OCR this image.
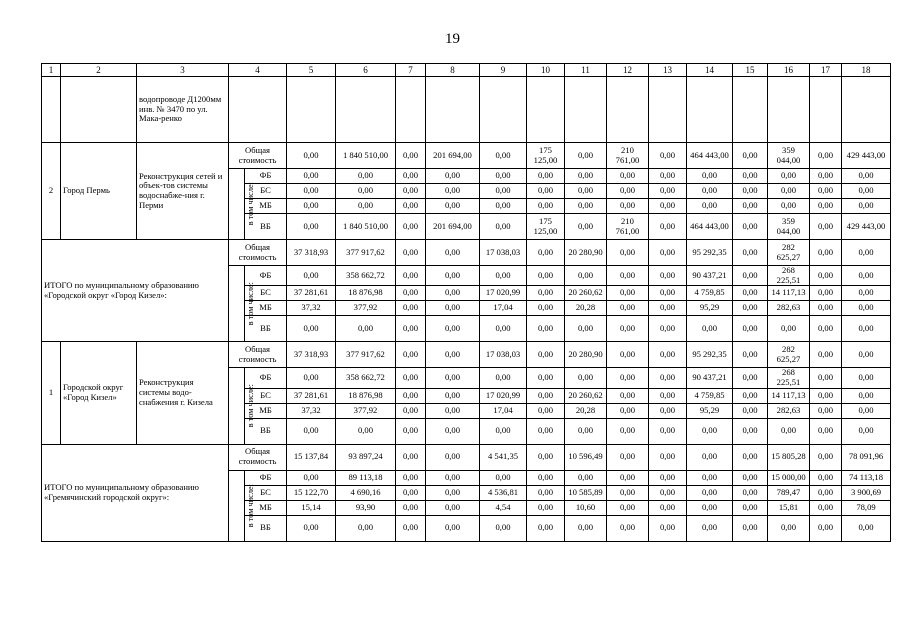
19
1	2	3	4		5	6	7	8	9	10	11	12	13	14	15	16	17	18
		водопроводе Д1200мм инв. № 3470 по ул. Мака-ренко																
2	Город Пермь	Реконструкция сетей и объек-тов системы водоснабже-ния г. Перми	Общая стоимость		0,00	1 840 510,00	0,00	201 694,00	0,00	175 125,00	0,00	210 761,00	0,00	464 443,00	0,00	359 044,00	0,00	429 443,00
			в том числе:	ФБ	0,00	0,00	0,00	0,00	0,00	0,00	0,00	0,00	0,00	0,00	0,00	0,00	0,00	0,00
				БС	0,00	0,00	0,00	0,00	0,00	0,00	0,00	0,00	0,00	0,00	0,00	0,00	0,00	0,00
				МБ	0,00	0,00	0,00	0,00	0,00	0,00	0,00	0,00	0,00	0,00	0,00	0,00	0,00	0,00
				ВБ	0,00	1 840 510,00	0,00	201 694,00	0,00	175 125,00	0,00	210 761,00	0,00	464 443,00	0,00	359 044,00	0,00	429 443,00
ИТОГО по муниципальному образованию «Городской округ «Город Кизел»:			Общая стоимость		37 318,93	377 917,62	0,00	0,00	17 038,03	0,00	20 280,90	0,00	0,00	95 292,35	0,00	282 625,27	0,00	0,00
			в том числе:	ФБ	0,00	358 662,72	0,00	0,00	0,00	0,00	0,00	0,00	0,00	90 437,21	0,00	268 225,51	0,00	0,00
				БС	37 281,61	18 876,98	0,00	0,00	17 020,99	0,00	20 260,62	0,00	0,00	4 759,85	0,00	14 117,13	0,00	0,00
				МБ	37,32	377,92	0,00	0,00	17,04	0,00	20,28	0,00	0,00	95,29	0,00	282,63	0,00	0,00
				ВБ	0,00	0,00	0,00	0,00	0,00	0,00	0,00	0,00	0,00	0,00	0,00	0,00	0,00	0,00
1	Городской округ «Город Кизел»	Реконструкция системы водо-снабжения г. Кизела	Общая стоимость		37 318,93	377 917,62	0,00	0,00	17 038,03	0,00	20 280,90	0,00	0,00	95 292,35	0,00	282 625,27	0,00	0,00
			в том числе:	ФБ	0,00	358 662,72	0,00	0,00	0,00	0,00	0,00	0,00	0,00	90 437,21	0,00	268 225,51	0,00	0,00
				БС	37 281,61	18 876,98	0,00	0,00	17 020,99	0,00	20 260,62	0,00	0,00	4 759,85	0,00	14 117,13	0,00	0,00
				МБ	37,32	377,92	0,00	0,00	17,04	0,00	20,28	0,00	0,00	95,29	0,00	282,63	0,00	0,00
				ВБ	0,00	0,00	0,00	0,00	0,00	0,00	0,00	0,00	0,00	0,00	0,00	0,00	0,00	0,00
ИТОГО по муниципальному образованию «Гремячинский городской округ»:			Общая стоимость		15 137,84	93 897,24	0,00	0,00	4 541,35	0,00	10 596,49	0,00	0,00	0,00	0,00	15 805,28	0,00	78 091,96
			в том числе:	ФБ	0,00	89 113,18	0,00	0,00	0,00	0,00	0,00	0,00	0,00	0,00	0,00	15 000,00	0,00	74 113,18
				БС	15 122,70	4 690,16	0,00	0,00	4 536,81	0,00	10 585,89	0,00	0,00	0,00	0,00	789,47	0,00	3 900,69
				МБ	15,14	93,90	0,00	0,00	4,54	0,00	10,60	0,00	0,00	0,00	0,00	15,81	0,00	78,09
				ВБ	0,00	0,00	0,00	0,00	0,00	0,00	0,00	0,00	0,00	0,00	0,00	0,00	0,00	0,00
